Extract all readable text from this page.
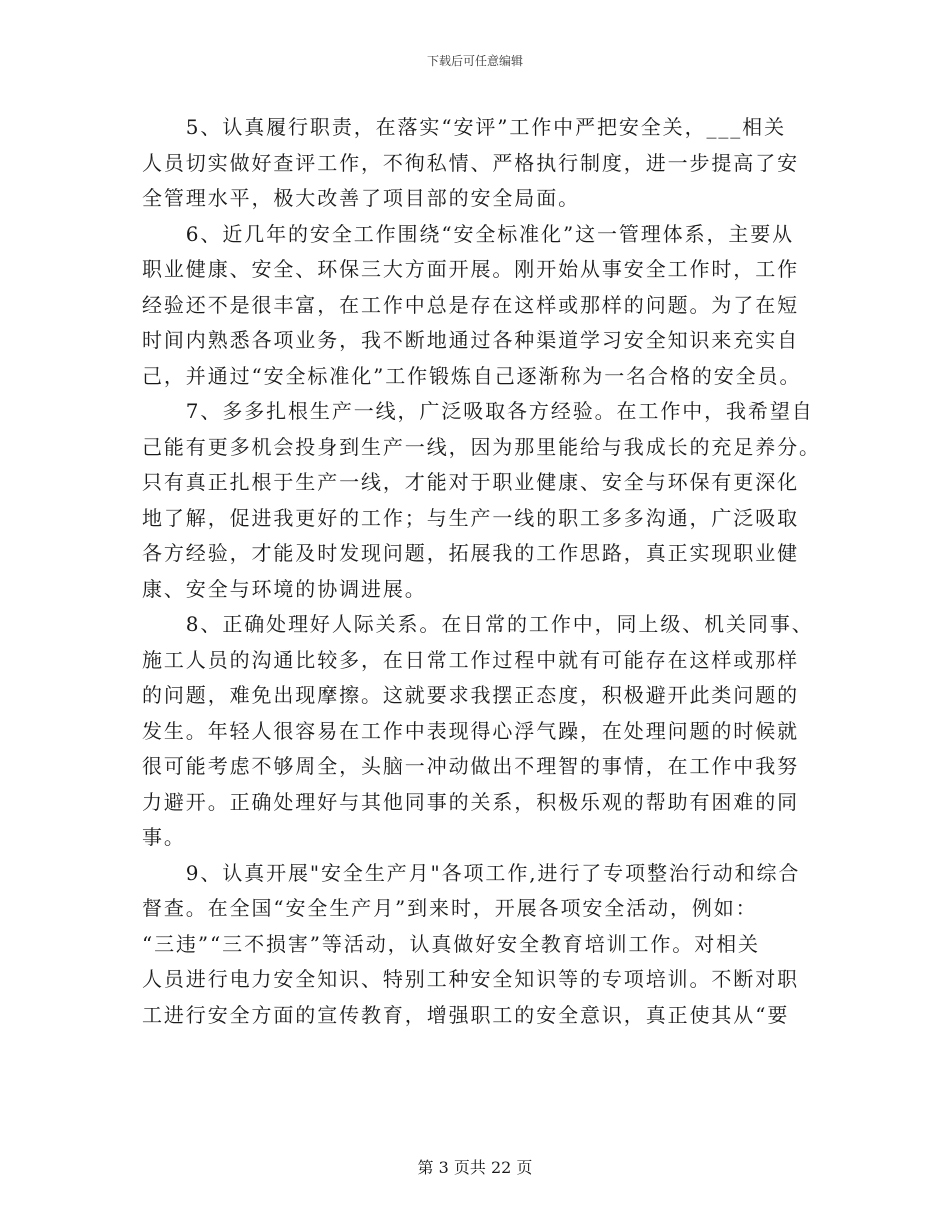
下载后可任意编辑

　　5、认真履行职责，在落实“安评”工作中严把安全关，___相关
人员切实做好查评工作，不徇私情、严格执行制度，进一步提高了安
全管理水平，极大改善了项目部的安全局面。

　　6、近几年的安全工作围绕“安全标准化”这一管理体系，主要从
职业健康、安全、环保三大方面开展。刚开始从事安全工作时，工作
经验还不是很丰富，在工作中总是存在这样或那样的问题。为了在短
时间内熟悉各项业务，我不断地通过各种渠道学习安全知识来充实自
己，并通过“安全标准化”工作锻炼自己逐渐称为一名合格的安全员。

　　7、多多扎根生产一线，广泛吸取各方经验。在工作中，我希望自
己能有更多机会投身到生产一线，因为那里能给与我成长的充足养分。
只有真正扎根于生产一线，才能对于职业健康、安全与环保有更深化
地了解，促进我更好的工作；与生产一线的职工多多沟通，广泛吸取
各方经验，才能及时发现问题，拓展我的工作思路，真正实现职业健
康、安全与环境的协调进展。

　　8、正确处理好人际关系。在日常的工作中，同上级、机关同事、
施工人员的沟通比较多，在日常工作过程中就有可能存在这样或那样
的问题，难免出现摩擦。这就要求我摆正态度，积极避开此类问题的
发生。年轻人很容易在工作中表现得心浮气躁，在处理问题的时候就
很可能考虑不够周全，头脑一冲动做出不理智的事情，在工作中我努
力避开。正确处理好与其他同事的关系，积极乐观的帮助有困难的同
事。

　　9、认真开展"安全生产月"各项工作,进行了专项整治行动和综合
督查。在全国“安全生产月”到来时，开展各项安全活动，例如：
“三违”“三不损害”等活动，认真做好安全教育培训工作。对相关
人员进行电力安全知识、特别工种安全知识等的专项培训。不断对职
工进行安全方面的宣传教育，增强职工的安全意识，真正使其从“要

第 3 页共 22 页
